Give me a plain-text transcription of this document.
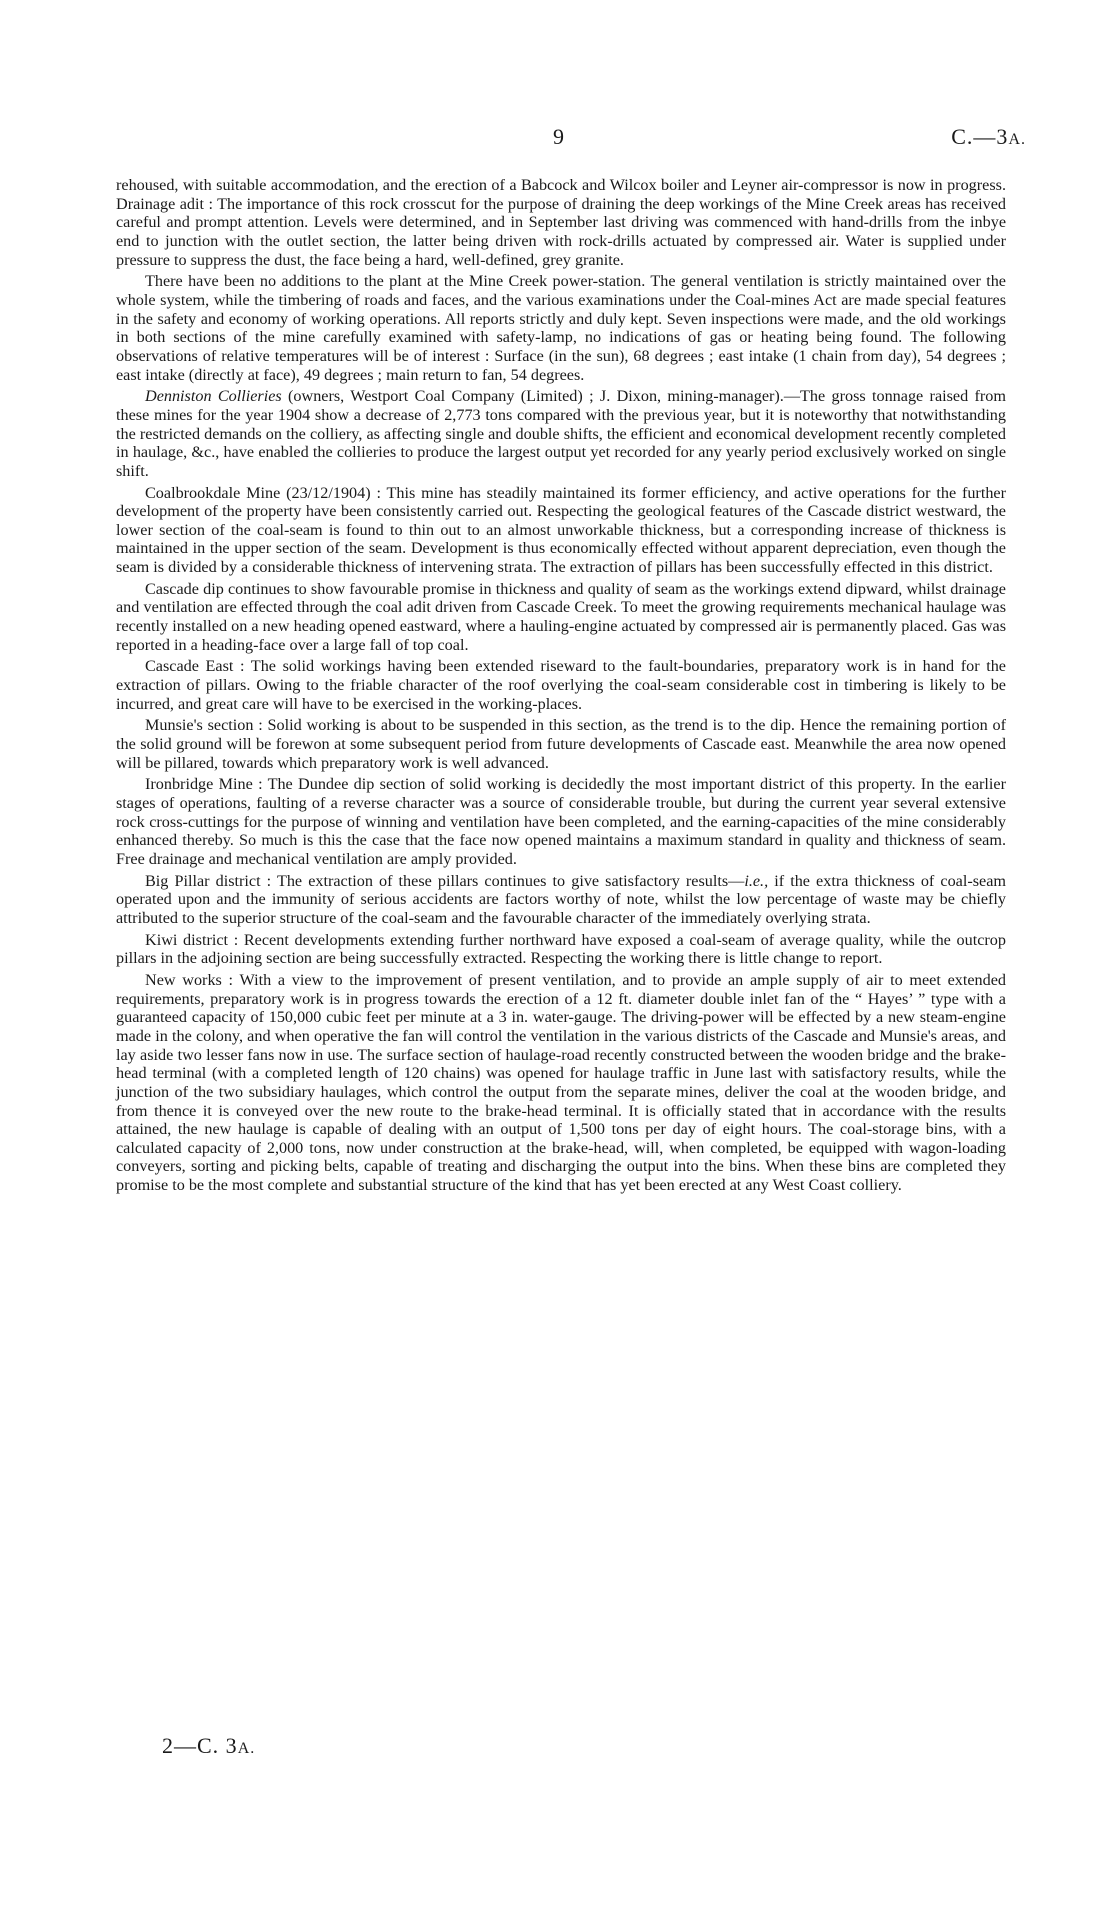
9	C.—3A.

rehoused, with suitable accommodation, and the erection of a Babcock and Wilcox boiler and Leyner air-compressor is now in progress. Drainage adit : The importance of this rock crosscut for the purpose of draining the deep workings of the Mine Creek areas has received careful and prompt attention. Levels were determined, and in September last driving was commenced with hand-drills from the inbye end to junction with the outlet section, the latter being driven with rock-drills actuated by compressed air. Water is supplied under pressure to suppress the dust, the face being a hard, well-defined, grey granite.

There have been no additions to the plant at the Mine Creek power-station. The general ventilation is strictly maintained over the whole system, while the timbering of roads and faces, and the various examinations under the Coal-mines Act are made special features in the safety and economy of working operations. All reports strictly and duly kept. Seven inspections were made, and the old workings in both sections of the mine carefully examined with safety-lamp, no indications of gas or heating being found. The following observations of relative temperatures will be of interest : Surface (in the sun), 68 degrees ; east intake (1 chain from day), 54 degrees ; east intake (directly at face), 49 degrees ; main return to fan, 54 degrees.

Denniston Collieries (owners, Westport Coal Company (Limited) ; J. Dixon, mining-manager).—The gross tonnage raised from these mines for the year 1904 show a decrease of 2,773 tons compared with the previous year, but it is noteworthy that notwithstanding the restricted demands on the colliery, as affecting single and double shifts, the efficient and economical development recently completed in haulage, &c., have enabled the collieries to produce the largest output yet recorded for any yearly period exclusively worked on single shift.

Coalbrookdale Mine (23/12/1904) : This mine has steadily maintained its former efficiency, and active operations for the further development of the property have been consistently carried out. Respecting the geological features of the Cascade district westward, the lower section of the coal-seam is found to thin out to an almost unworkable thickness, but a corresponding increase of thickness is maintained in the upper section of the seam. Development is thus economically effected without apparent depreciation, even though the seam is divided by a considerable thickness of intervening strata. The extraction of pillars has been successfully effected in this district.

Cascade dip continues to show favourable promise in thickness and quality of seam as the workings extend dipward, whilst drainage and ventilation are effected through the coal adit driven from Cascade Creek. To meet the growing requirements mechanical haulage was recently installed on a new heading opened eastward, where a hauling-engine actuated by compressed air is permanently placed. Gas was reported in a heading-face over a large fall of top coal.

Cascade East : The solid workings having been extended riseward to the fault-boundaries, preparatory work is in hand for the extraction of pillars. Owing to the friable character of the roof overlying the coal-seam considerable cost in timbering is likely to be incurred, and great care will have to be exercised in the working-places.

Munsie's section : Solid working is about to be suspended in this section, as the trend is to the dip. Hence the remaining portion of the solid ground will be forewon at some subsequent period from future developments of Cascade east. Meanwhile the area now opened will be pillared, towards which preparatory work is well advanced.

Ironbridge Mine : The Dundee dip section of solid working is decidedly the most important district of this property. In the earlier stages of operations, faulting of a reverse character was a source of considerable trouble, but during the current year several extensive rock cross-cuttings for the purpose of winning and ventilation have been completed, and the earning-capacities of the mine considerably enhanced thereby. So much is this the case that the face now opened maintains a maximum standard in quality and thickness of seam. Free drainage and mechanical ventilation are amply provided.

Big Pillar district : The extraction of these pillars continues to give satisfactory results—i.e., if the extra thickness of coal-seam operated upon and the immunity of serious accidents are factors worthy of note, whilst the low percentage of waste may be chiefly attributed to the superior structure of the coal-seam and the favourable character of the immediately overlying strata.

Kiwi district : Recent developments extending further northward have exposed a coal-seam of average quality, while the outcrop pillars in the adjoining section are being successfully extracted. Respecting the working there is little change to report.

New works : With a view to the improvement of present ventilation, and to provide an ample supply of air to meet extended requirements, preparatory work is in progress towards the erection of a 12 ft. diameter double inlet fan of the “ Hayes’ ” type with a guaranteed capacity of 150,000 cubic feet per minute at a 3 in. water-gauge. The driving-power will be effected by a new steam-engine made in the colony, and when operative the fan will control the ventilation in the various districts of the Cascade and Munsie's areas, and lay aside two lesser fans now in use. The surface section of haulage-road recently constructed between the wooden bridge and the brake-head terminal (with a completed length of 120 chains) was opened for haulage traffic in June last with satisfactory results, while the junction of the two subsidiary haulages, which control the output from the separate mines, deliver the coal at the wooden bridge, and from thence it is conveyed over the new route to the brake-head terminal. It is officially stated that in accordance with the results attained, the new haulage is capable of dealing with an output of 1,500 tons per day of eight hours. The coal-storage bins, with a calculated capacity of 2,000 tons, now under construction at the brake-head, will, when completed, be equipped with wagon-loading conveyers, sorting and picking belts, capable of treating and discharging the output into the bins. When these bins are completed they promise to be the most complete and substantial structure of the kind that has yet been erected at any West Coast colliery.

2—C. 3A.
